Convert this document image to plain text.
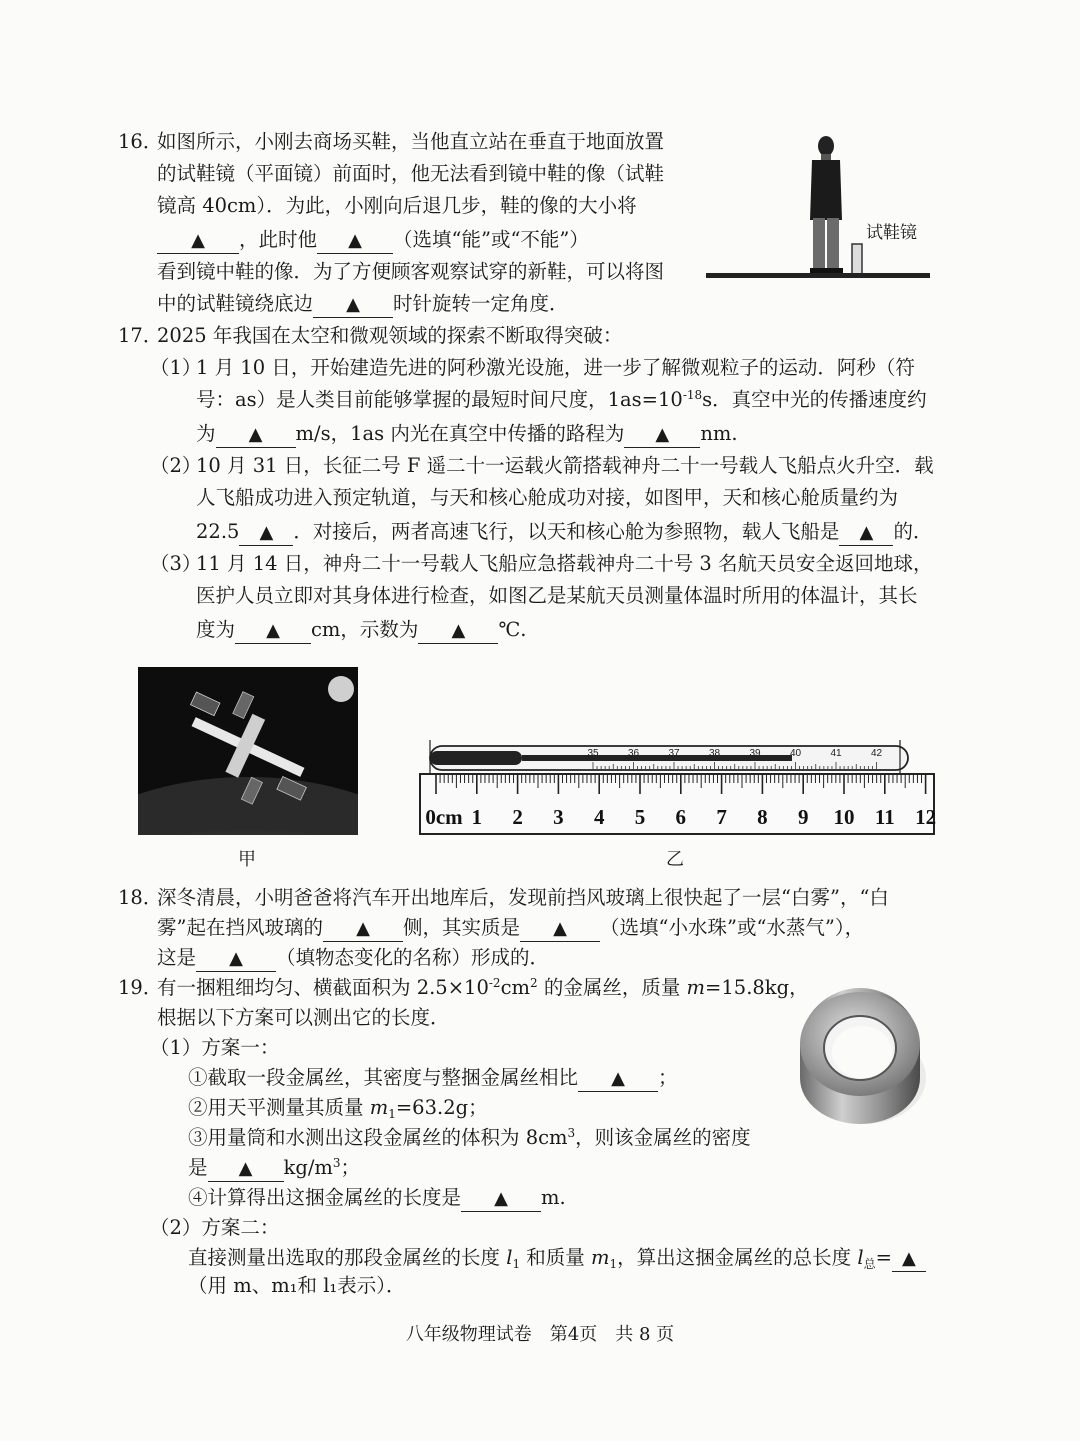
16．
如图所示，小刚去商场买鞋，当他直立站在垂直于地面放置
的试鞋镜（平面镜）前面时，他无法看到镜中鞋的像（试鞋
镜高 40cm）．为此，小刚向后退几步，鞋的像的大小将
▲ ，此时他 ▲ （选填“能”或“不能”）
看到镜中鞋的像．为了方便顾客观察试穿的新鞋，可以将图
中的试鞋镜绕底边 ▲ 时针旋转一定角度．
试鞋镜
17．
2025 年我国在太空和微观领域的探索不断取得突破：
（1）
1 月 10 日，开始建造先进的阿秒激光设施，进一步了解微观粒子的运动．阿秒（符
号：as）是人类目前能够掌握的最短时间尺度，$1as=10^{-18}s$．真空中光的传播速度约
为 ▲ m/s，1as 内光在真空中传播的路程为 ▲ nm.
（2）
10 月 31 日，长征二号 F 遥二十一运载火箭搭载神舟二十一号载人飞船点火升空．载
人飞船成功进入预定轨道，与天和核心舱成功对接，如图甲，天和核心舱质量约为
22.5 ▲ ．对接后，两者高速飞行，以天和核心舱为参照物，载人飞船是 ▲ 的．
（3）
11 月 14 日，神舟二十一号载人飞船应急搭载神舟二十号 3 名航天员安全返回地球，
医护人员立即对其身体进行检查，如图乙是某航天员测量体温时所用的体温计，其长
度为 ▲ cm，示数为 ▲ ℃.
甲
35	36	37	38	39	40	41	42
0cm 1 2 3 4 5 6 7 8 9 10 11 12
乙
18．
深冬清晨，小明爸爸将汽车开出地库后，发现前挡风玻璃上很快起了一层“白雾”，“白
雾”起在挡风玻璃的 ▲ 侧，其实质是 ▲ （选填“小水珠”或“水蒸气”），
这是 ▲ （填物态变化的名称）形成的．
19．
有一捆粗细均匀、横截面积为 $2.5\times 10^{-2}cm^2$ 的金属丝，质量 m=15.8kg，
根据以下方案可以测出它的长度．
（1）方案一：
①截取一段金属丝，其密度与整捆金属丝相比 ▲ ；
②用天平测量其质量 $m_1=63.2g$；
③用量筒和水测出这段金属丝的体积为 $8cm^3$，则该金属丝的密度
是 ▲ $kg/m^3$；
④计算得出这捆金属丝的长度是 ▲ m.
（2）方案二：
直接测量出选取的那段金属丝的长度 $l_1$ 和质量 $m_1$，算出这捆金属丝的总长度 $l_总=$ ▲
（用 m、m₁和 l₁表示）．
八年级物理试卷　第4页　共 8 页
